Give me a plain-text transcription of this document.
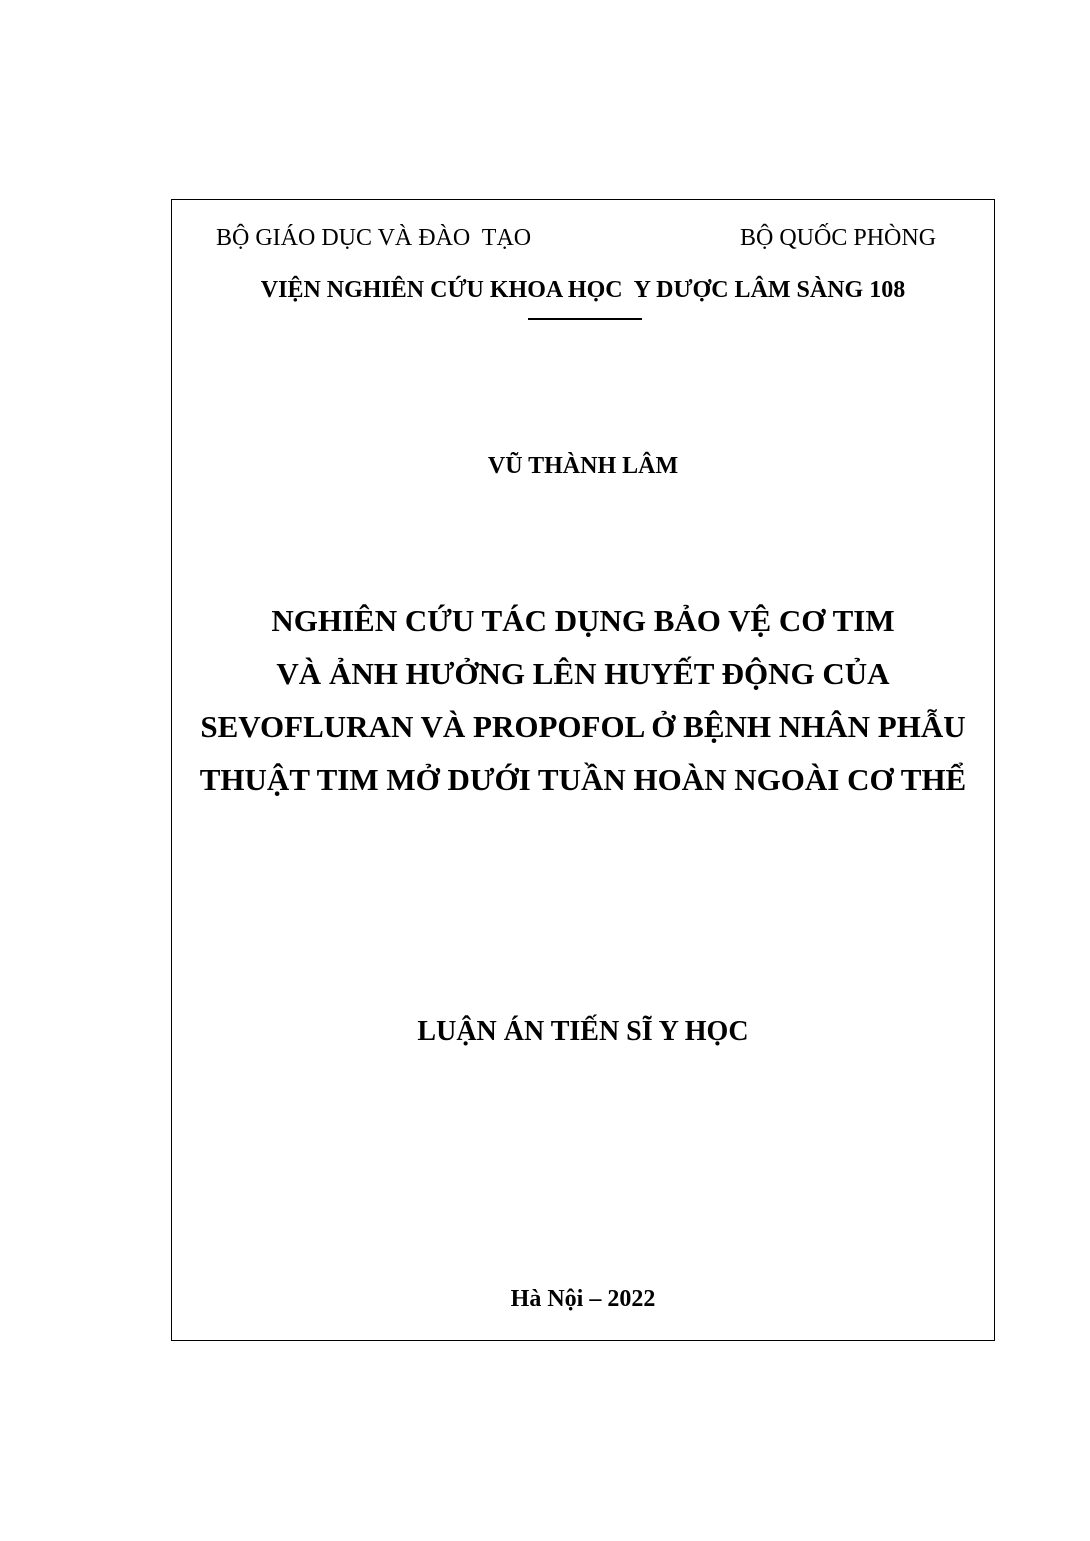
BỘ GIÁO DỤC VÀ ĐÀO  TẠO	BỘ QUỐC PHÒNG
VIỆN NGHIÊN CỨU KHOA HỌC  Y DƯỢC LÂM SÀNG 108
VŨ THÀNH LÂM
NGHIÊN CỨU TÁC DỤNG BẢO VỆ CƠ TIM
VÀ ẢNH HƯỞNG LÊN HUYẾT ĐỘNG CỦA
SEVOFLURAN VÀ PROPOFOL Ở BỆNH NHÂN PHẪU
THUẬT TIM MỞ DƯỚI TUẦN HOÀN NGOÀI CƠ THỂ
LUẬN ÁN TIẾN SĨ Y HỌC
Hà Nội – 2022
